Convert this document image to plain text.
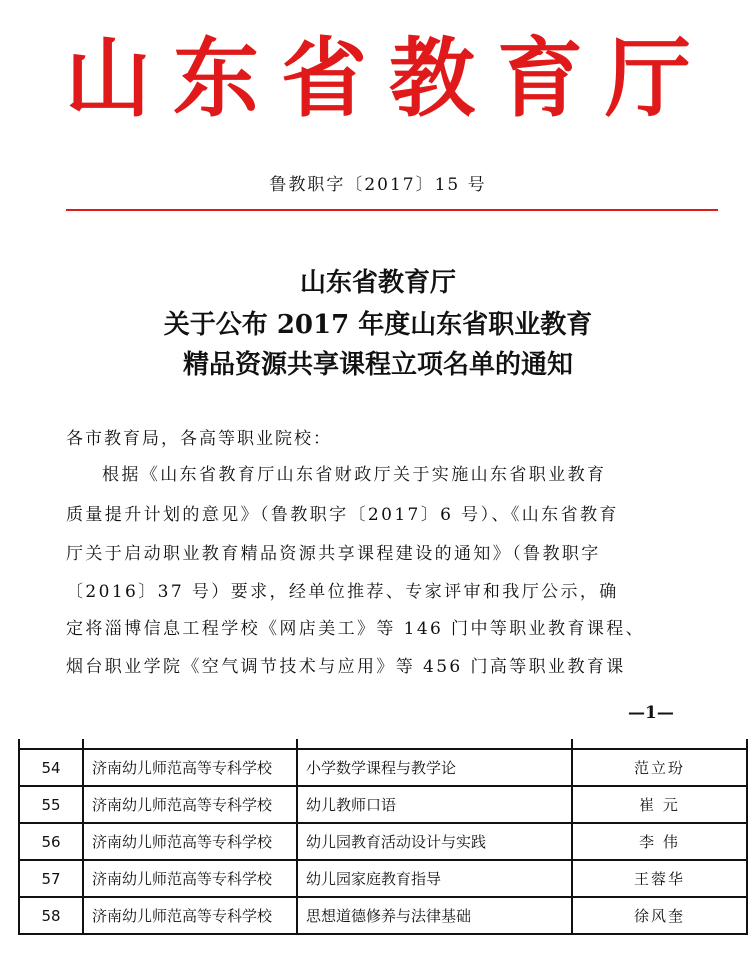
山东省教育厅
鲁教职字〔2017〕15 号
山东省教育厅
关于公布 2017 年度山东省职业教育
精品资源共享课程立项名单的通知
各市教育局，各高等职业院校：
根据《山东省教育厅山东省财政厅关于实施山东省职业教育
质量提升计划的意见》（鲁教职字〔2017〕6 号）、《山东省教育
厅关于启动职业教育精品资源共享课程建设的通知》（鲁教职字
〔2016〕37 号）要求，经单位推荐、专家评审和我厅公示，确
定将淄博信息工程学校《网店美工》等 146 门中等职业教育课程、
烟台职业学院《空气调节技术与应用》等 456 门高等职业教育课
—1—

54	济南幼儿师范高等专科学校	小学数学课程与教学论	范立玢
55	济南幼儿师范高等专科学校	幼儿教师口语	崔 元
56	济南幼儿师范高等专科学校	幼儿园教育活动设计与实践	李 伟
57	济南幼儿师范高等专科学校	幼儿园家庭教育指导	王蓉华
58	济南幼儿师范高等专科学校	思想道德修养与法律基础	徐风奎
